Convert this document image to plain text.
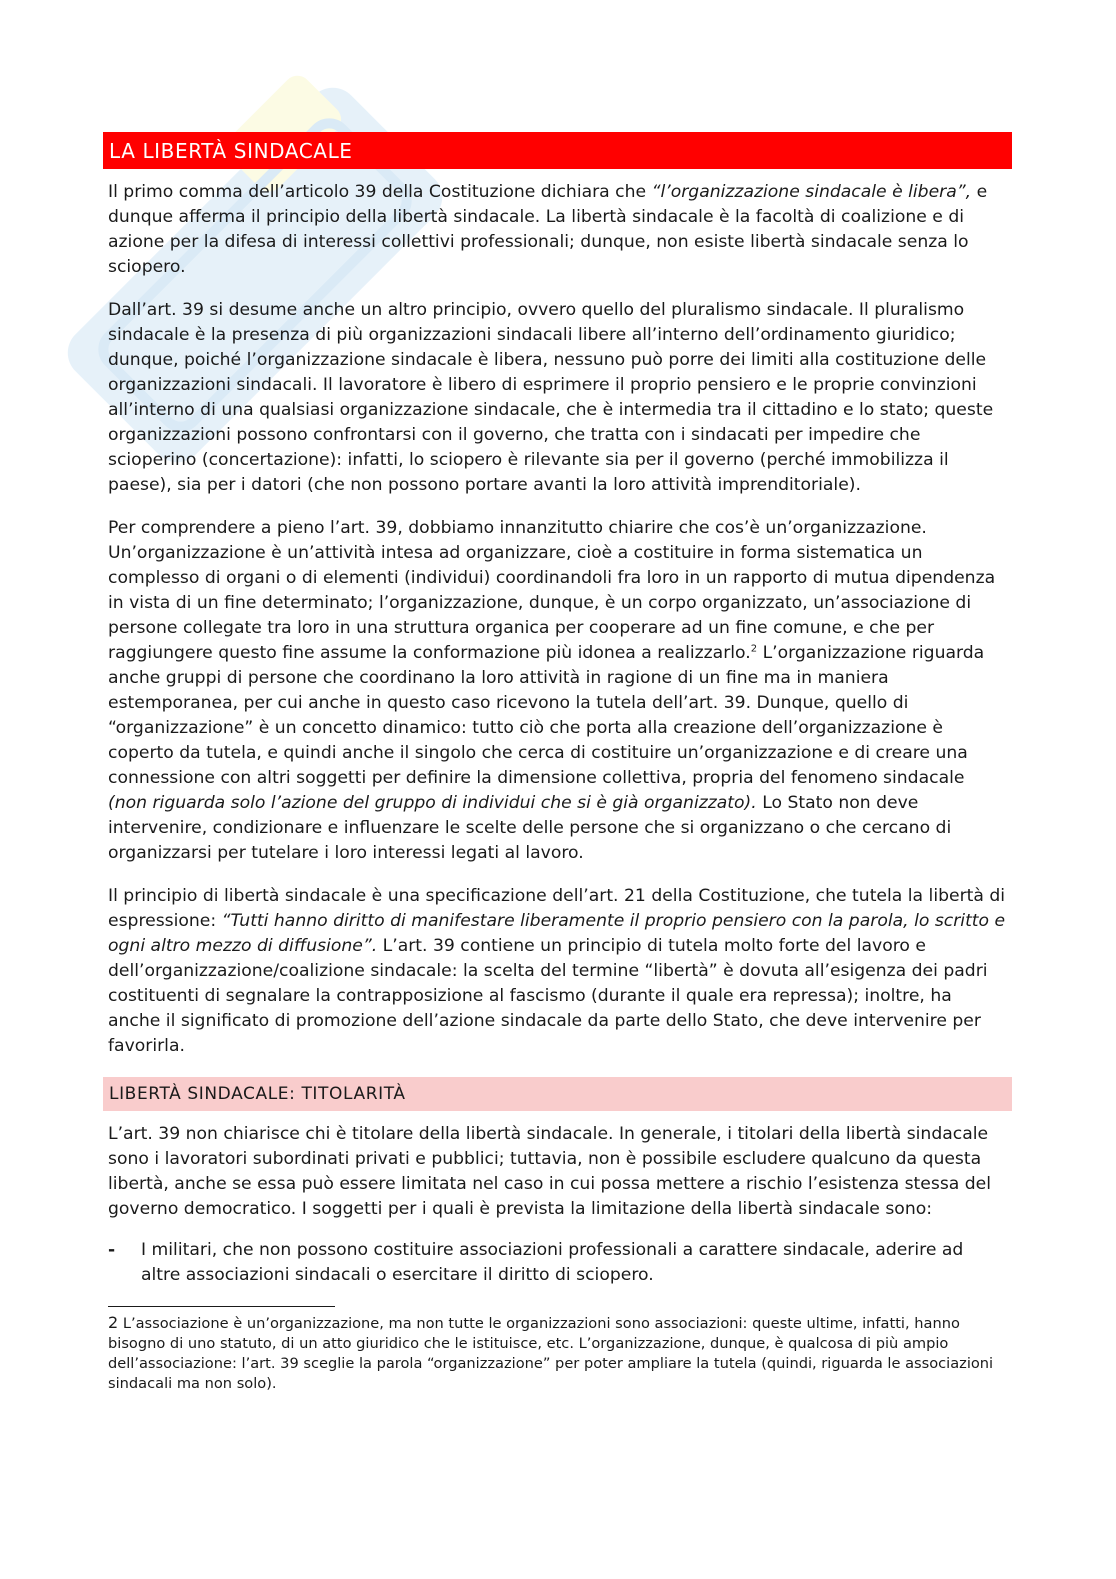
LA LIBERTÀ SINDACALE

Il primo comma dell’articolo 39 della Costituzione dichiara che “l’organizzazione sindacale è libera”, e dunque afferma il principio della libertà sindacale. La libertà sindacale è la facoltà di coalizione e di azione per la difesa di interessi collettivi professionali; dunque, non esiste libertà sindacale senza lo sciopero.

Dall’art. 39 si desume anche un altro principio, ovvero quello del pluralismo sindacale. Il pluralismo sindacale è la presenza di più organizzazioni sindacali libere all’interno dell’ordinamento giuridico; dunque, poiché l’organizzazione sindacale è libera, nessuno può porre dei limiti alla costituzione delle organizzazioni sindacali. Il lavoratore è libero di esprimere il proprio pensiero e le proprie convinzioni all’interno di una qualsiasi organizzazione sindacale, che è intermedia tra il cittadino e lo stato; queste organizzazioni possono confrontarsi con il governo, che tratta con i sindacati per impedire che scioperino (concertazione): infatti, lo sciopero è rilevante sia per il governo (perché immobilizza il paese), sia per i datori (che non possono portare avanti la loro attività imprenditoriale).

Per comprendere a pieno l’art. 39, dobbiamo innanzitutto chiarire che cos’è un’organizzazione. Un’organizzazione è un’attività intesa ad organizzare, cioè a costituire in forma sistematica un complesso di organi o di elementi (individui) coordinandoli fra loro in un rapporto di mutua dipendenza in vista di un fine determinato; l’organizzazione, dunque, è un corpo organizzato, un’associazione di persone collegate tra loro in una struttura organica per cooperare ad un fine comune, e che per raggiungere questo fine assume la conformazione più idonea a realizzarlo.$^2$ L’organizzazione riguarda anche gruppi di persone che coordinano la loro attività in ragione di un fine ma in maniera estemporanea, per cui anche in questo caso ricevono la tutela dell’art. 39. Dunque, quello di “organizzazione” è un concetto dinamico: tutto ciò che porta alla creazione dell’organizzazione è coperto da tutela, e quindi anche il singolo che cerca di costituire un’organizzazione e di creare una connessione con altri soggetti per definire la dimensione collettiva, propria del fenomeno sindacale (non riguarda solo l’azione del gruppo di individui che si è già organizzato). Lo Stato non deve intervenire, condizionare e influenzare le scelte delle persone che si organizzano o che cercano di organizzarsi per tutelare i loro interessi legati al lavoro.

Il principio di libertà sindacale è una specificazione dell’art. 21 della Costituzione, che tutela la libertà di espressione: “Tutti hanno diritto di manifestare liberamente il proprio pensiero con la parola, lo scritto e ogni altro mezzo di diffusione”. L’art. 39 contiene un principio di tutela molto forte del lavoro e dell’organizzazione/coalizione sindacale: la scelta del termine “libertà” è dovuta all’esigenza dei padri costituenti di segnalare la contrapposizione al fascismo (durante il quale era repressa); inoltre, ha anche il significato di promozione dell’azione sindacale da parte dello Stato, che deve intervenire per favorirla.

LIBERTÀ SINDACALE: TITOLARITÀ

L’art. 39 non chiarisce chi è titolare della libertà sindacale. In generale, i titolari della libertà sindacale sono i lavoratori subordinati privati e pubblici; tuttavia, non è possibile escludere qualcuno da questa libertà, anche se essa può essere limitata nel caso in cui possa mettere a rischio l’esistenza stessa del governo democratico. I soggetti per i quali è prevista la limitazione della libertà sindacale sono:

-	I militari, che non possono costituire associazioni professionali a carattere sindacale, aderire ad altre associazioni sindacali o esercitare il diritto di sciopero.
2 L’associazione è un’organizzazione, ma non tutte le organizzazioni sono associazioni: queste ultime, infatti, hanno bisogno di uno statuto, di un atto giuridico che le istituisce, etc. L’organizzazione, dunque, è qualcosa di più ampio dell’associazione: l’art. 39 sceglie la parola “organizzazione” per poter ampliare la tutela (quindi, riguarda le associazioni sindacali ma non solo).
